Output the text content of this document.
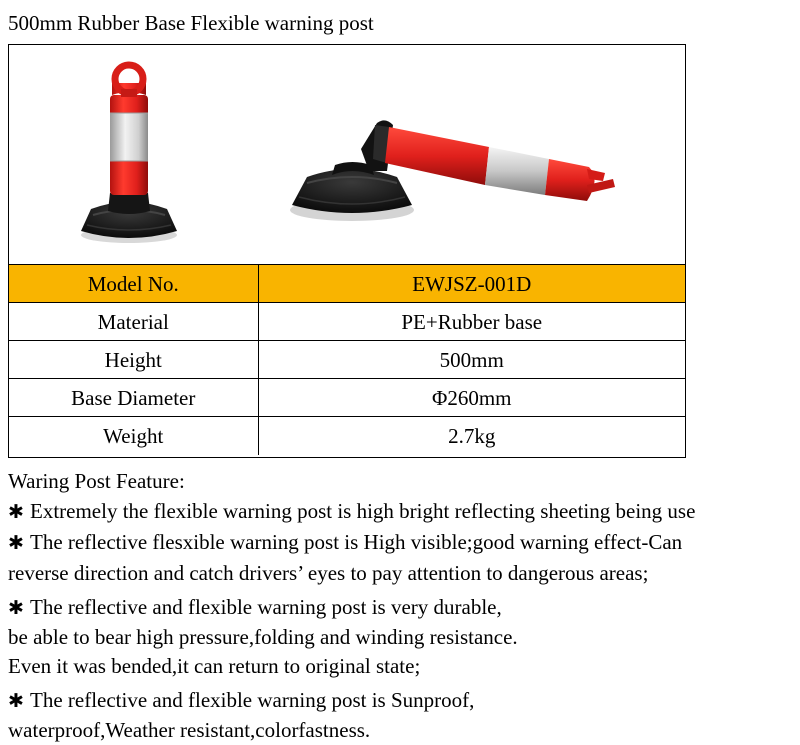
500mm Rubber Base Flexible warning post
Model No.	EWJSZ-001D
Material	PE+Rubber base
Height	500mm
Base Diameter	Φ260mm
Weight	2.7kg
Waring Post Feature:
✱ Extremely the flexible warning post is high bright reflecting sheeting being use
✱ The reflective flesxible warning post is High visible;good warning effect-Can
reverse direction and catch drivers’ eyes to pay attention to dangerous areas;
✱ The reflective and flexible warning post is very durable,
be able to bear high pressure,folding and winding resistance.
Even it was bended,it can return to original state;
✱ The reflective and flexible warning post is Sunproof,
waterproof,Weather resistant,colorfastness.
